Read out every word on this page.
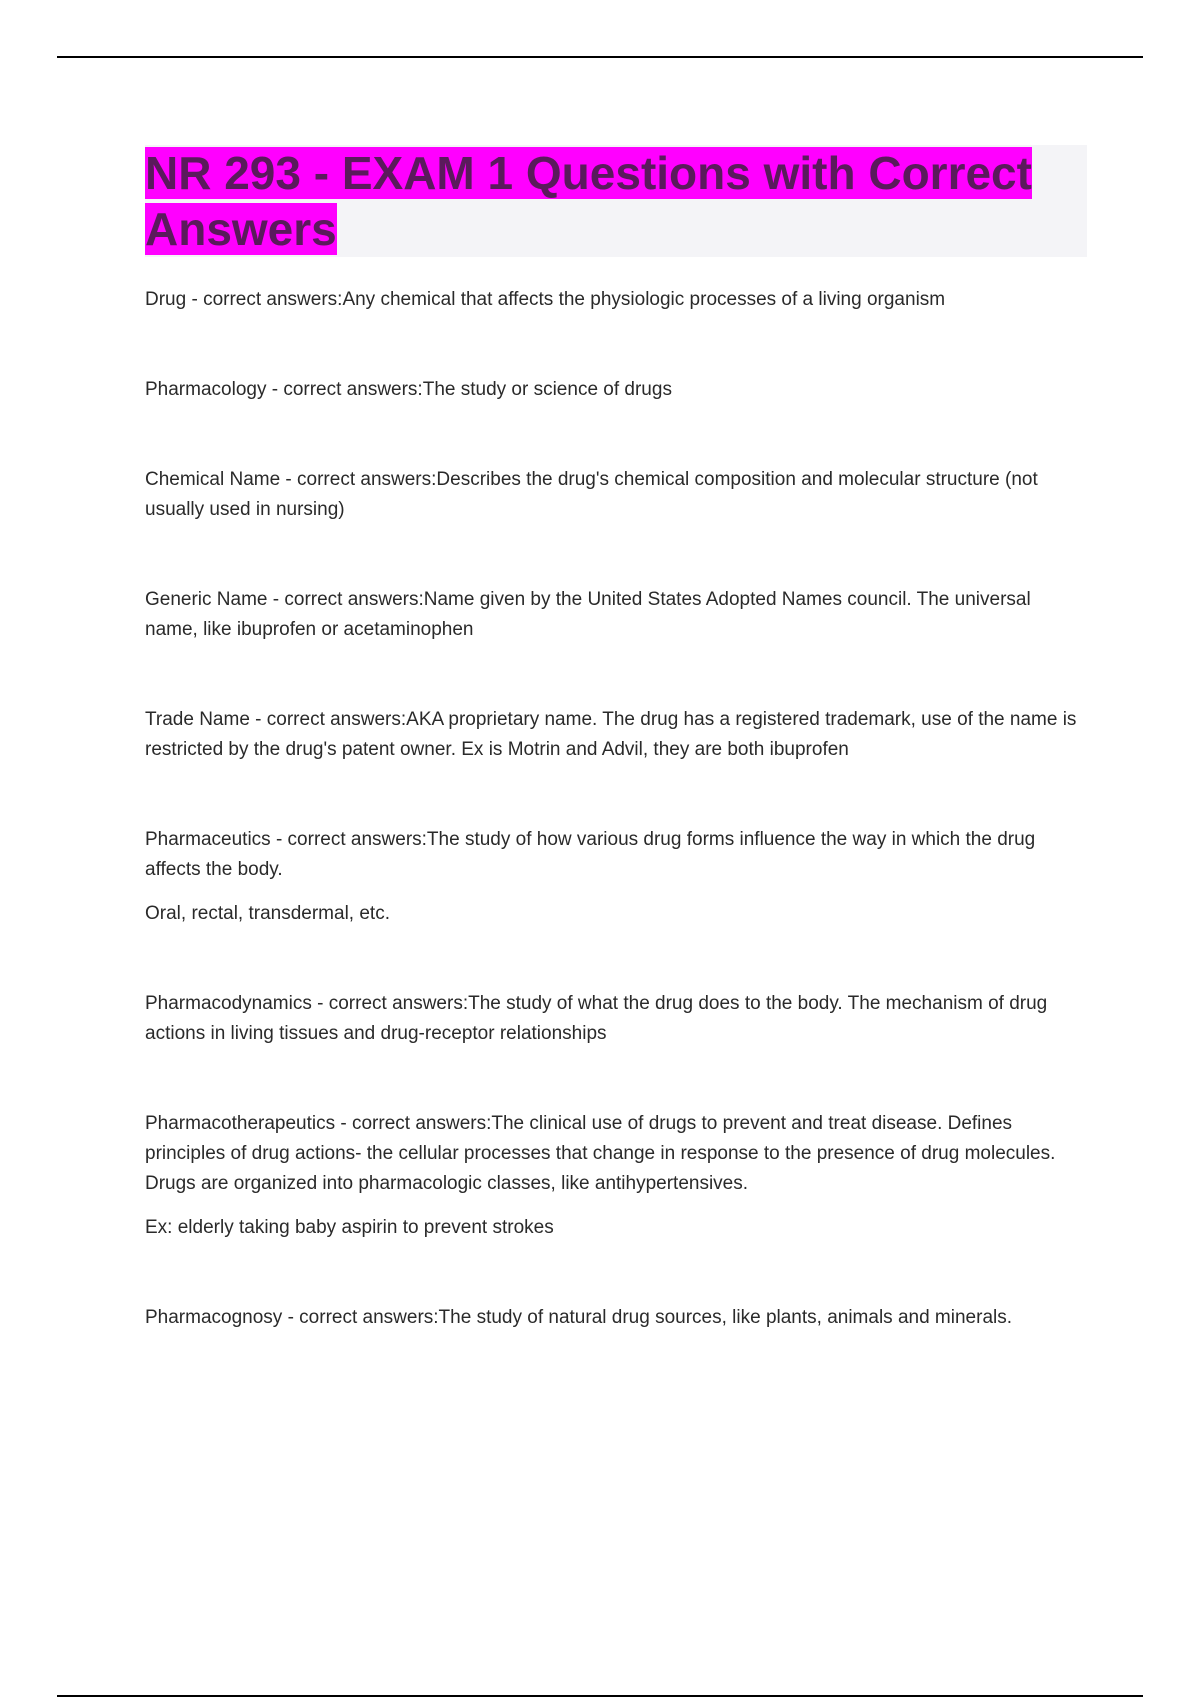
NR 293 - EXAM 1 Questions with Correct Answers

Drug - correct answers:Any chemical that affects the physiologic processes of a living organism

Pharmacology - correct answers:The study or science of drugs

Chemical Name - correct answers:Describes the drug's chemical composition and molecular structure (not usually used in nursing)

Generic Name - correct answers:Name given by the United States Adopted Names council. The universal name, like ibuprofen or acetaminophen

Trade Name - correct answers:AKA proprietary name. The drug has a registered trademark, use of the name is restricted by the drug's patent owner. Ex is Motrin and Advil, they are both ibuprofen

Pharmaceutics - correct answers:The study of how various drug forms influence the way in which the drug affects the body.

Oral, rectal, transdermal, etc.

Pharmacodynamics - correct answers:The study of what the drug does to the body. The mechanism of drug actions in living tissues and drug-receptor relationships

Pharmacotherapeutics - correct answers:The clinical use of drugs to prevent and treat disease. Defines principles of drug actions- the cellular processes that change in response to the presence of drug molecules. Drugs are organized into pharmacologic classes, like antihypertensives.

Ex: elderly taking baby aspirin to prevent strokes

Pharmacognosy - correct answers:The study of natural drug sources, like plants, animals and minerals.
